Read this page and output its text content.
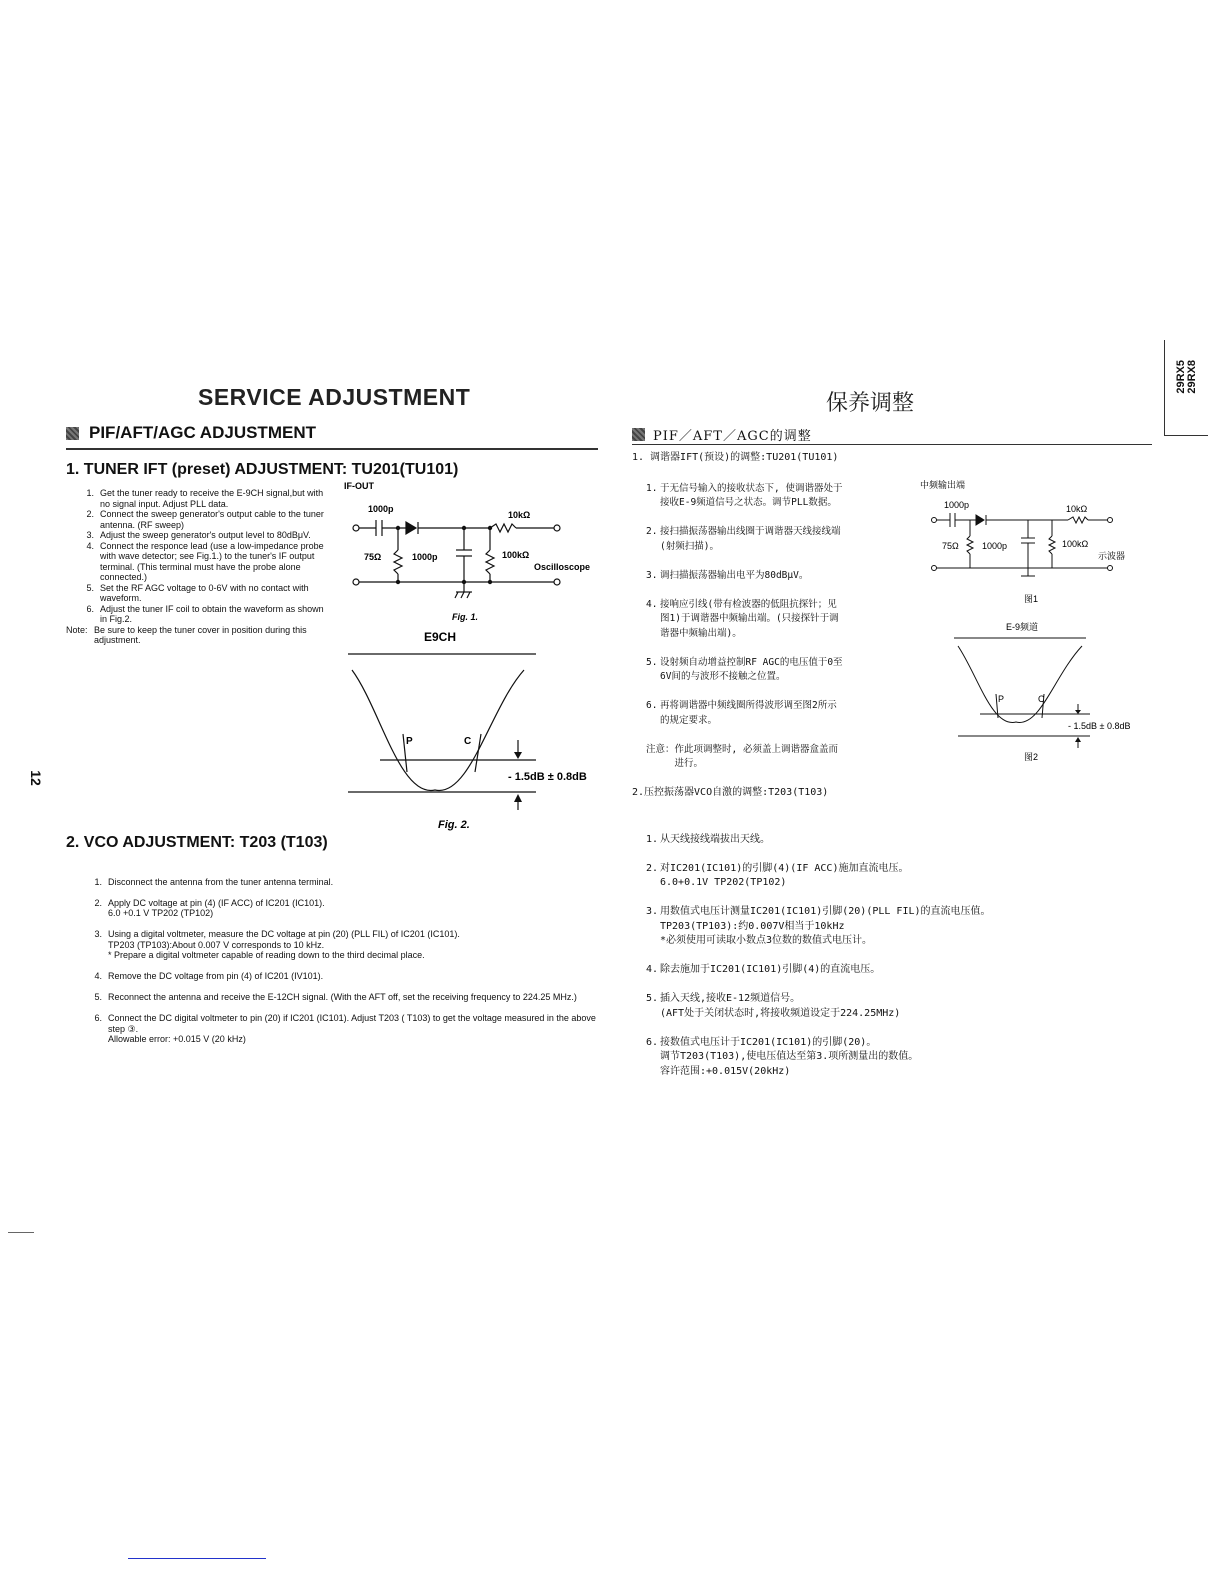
SERVICE ADJUSTMENT	保养调整
PIF/AFT/AGC ADJUSTMENT	PIF／AFT／AGC的调整
29RX5
29RX8
12
1. TUNER IFT (preset) ADJUSTMENT: TU201(TU101)
1. Get the tuner ready to receive the E-9CH signal,but with no signal input. Adjust PLL data.
2. Connect the sweep generator's output cable to the tuner antenna. (RF sweep)
3. Adjust the sweep generator's output level to 80dBμV.
4. Connect the responce lead (use a low-impedance probe with wave detector; see Fig.1.) to the tuner's IF output terminal. (This terminal must have the probe alone connected.)
5. Set the RF AGC voltage to 0-6V with no contact with waveform.
6. Adjust the tuner IF coil to obtain the waveform as shown in Fig.2.
Note: Be sure to keep the tuner cover in position during this adjustment.
IF-OUT
1000p
10kΩ
75Ω	1000p	100kΩ
Oscilloscope
Fig. 1.
E9CH
P	C
- 1.5dB ± 0.8dB
Fig. 2.
2. VCO ADJUSTMENT: T203 (T103)

1. Disconnect the antenna from the tuner antenna terminal.

2. Apply DC voltage at pin (4) (IF ACC) of IC201 (IC101).
6.0 +0.1 V TP202 (TP102)

3. Using a digital voltmeter, measure the DC voltage at pin (20) (PLL FIL) of IC201 (IC101).
TP203 (TP103):About 0.007 V corresponds to 10 kHz.
* Prepare a digital voltmeter capable of reading down to the third decimal place.

4. Remove the DC voltage from pin (4) of IC201 (IV101).

5. Reconnect the antenna and receive the E-12CH signal. (With the AFT off, set the receiving frequency to 224.25 MHz.)

6. Connect the DC digital voltmeter to pin (20) if IC201 (IC101). Adjust T203 ( T103) to get the voltage measured in the above step ③.
Allowable error: +0.015 V (20 kHz)

1. 调谐器IFT(预设)的调整:TU201(TU101)

1. 于无信号输入的接收状态下, 使调谐器处于
接收E-9频道信号之状态。调节PLL数据。

2. 接扫描振荡器输出线圈于调谐器天线接线端
(射频扫描)。

3. 调扫描振荡器输出电平为80dBμV。

4. 接响应引线(带有检波器的低阻抗探针；见
图1)于调谐器中频输出端。(只接探针于调
谐器中频输出端)。

5. 设射频自动增益控制RF AGC的电压值于0至
6V间的与波形不接触之位置。

6. 再将调谐器中频线圈所得波形调至图2所示
的规定要求。

注意：作此项调整时, 必须盖上调谐器盒盖而
　　　进行。

中频输出端
1000p	10kΩ
75Ω	1000p	100kΩ
示波器
图1
E-9频道
P	C
- 1.5dB ± 0.8dB
图2
2.压控振荡器VCO自激的调整:T203(T103)

1. 从天线接线端拔出天线。

2. 对IC201(IC101)的引脚(4)(IF ACC)施加直流电压。
6.0+0.1V TP202(TP102)

3. 用数值式电压计测量IC201(IC101)引脚(20)(PLL FIL)的直流电压值。
TP203(TP103):约0.007V相当于10kHz
*必须使用可读取小数点3位数的数值式电压计。

4. 除去施加于IC201(IC101)引脚(4)的直流电压。

5. 插入天线,接收E-12频道信号。
(AFT处于关闭状态时,将接收频道设定于224.25MHz)

6. 接数值式电压计于IC201(IC101)的引脚(20)。
调节T203(T103),使电压值达至第3.项所测量出的数值。
容许范围:+0.015V(20kHz)
